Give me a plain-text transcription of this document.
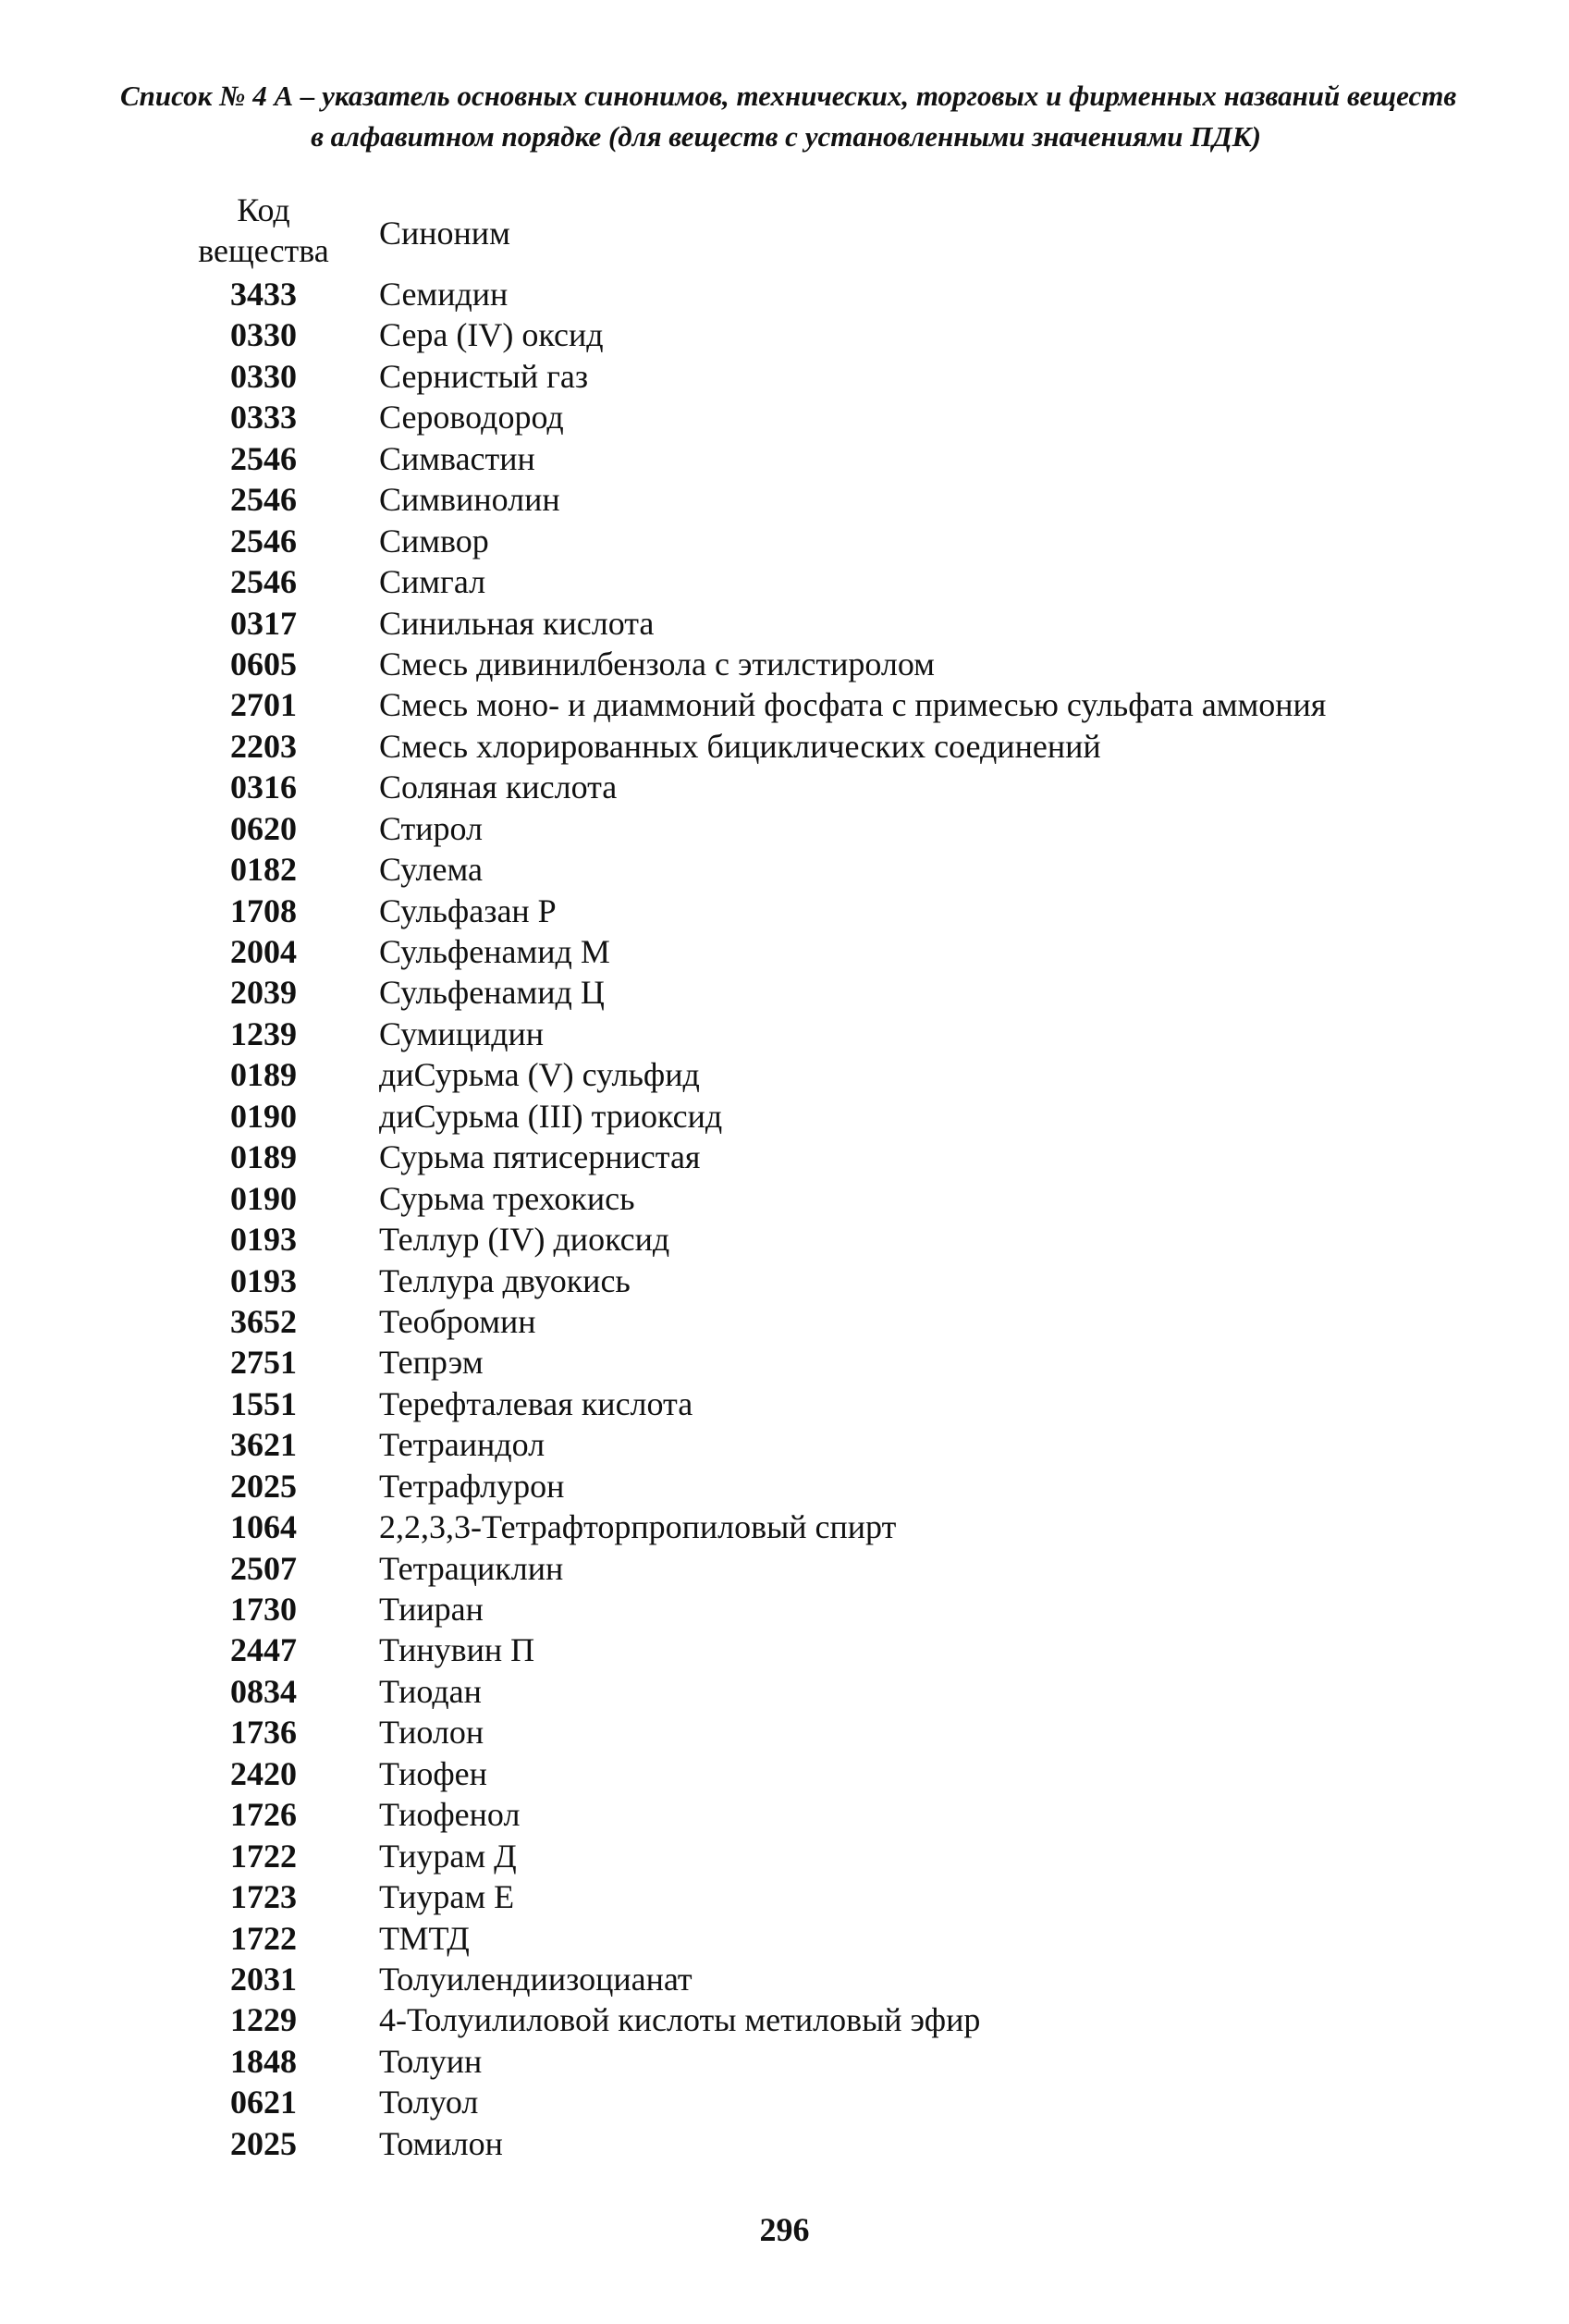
Список № 4 А – указатель основных синонимов, технических, торговых и фирменных названий веществ
в алфавитном порядке (для веществ с установленными значениями ПДК)
Код
вещества	Синоним
3433 Семидин
0330 Сера (IV) оксид
0330 Сернистый газ
0333 Сероводород
2546 Симвастин
2546 Симвинолин
2546 Симвор
2546 Симгал
0317 Синильная кислота
0605 Смесь дивинилбензола с этилстиролом
2701 Смесь моно- и диаммоний фосфата с примесью сульфата аммония
2203 Смесь хлорированных бициклических соединений
0316 Соляная кислота
0620 Стирол
0182 Сулема
1708 Сульфазан Р
2004 Сульфенамид М
2039 Сульфенамид Ц
1239 Сумицидин
0189 диСурьма (V) сульфид
0190 диСурьма (III) триоксид
0189 Сурьма пятисернистая
0190 Сурьма трехокись
0193 Теллур (IV) диоксид
0193 Теллура двуокись
3652 Теобромин
2751 Тепрэм
1551 Терефталевая кислота
3621 Тетраиндол
2025 Тетрафлурон
1064 2,2,3,3-Тетрафторпропиловый спирт
2507 Тетрациклин
1730 Тииран
2447 Тинувин П
0834 Тиодан
1736 Тиолон
2420 Тиофен
1726 Тиофенол
1722 Тиурам Д
1723 Тиурам Е
1722 ТМТД
2031 Толуилендиизоцианат
1229 4-Толуилиловой кислоты метиловый эфир
1848 Толуин
0621 Толуол
2025 Томилон
296
